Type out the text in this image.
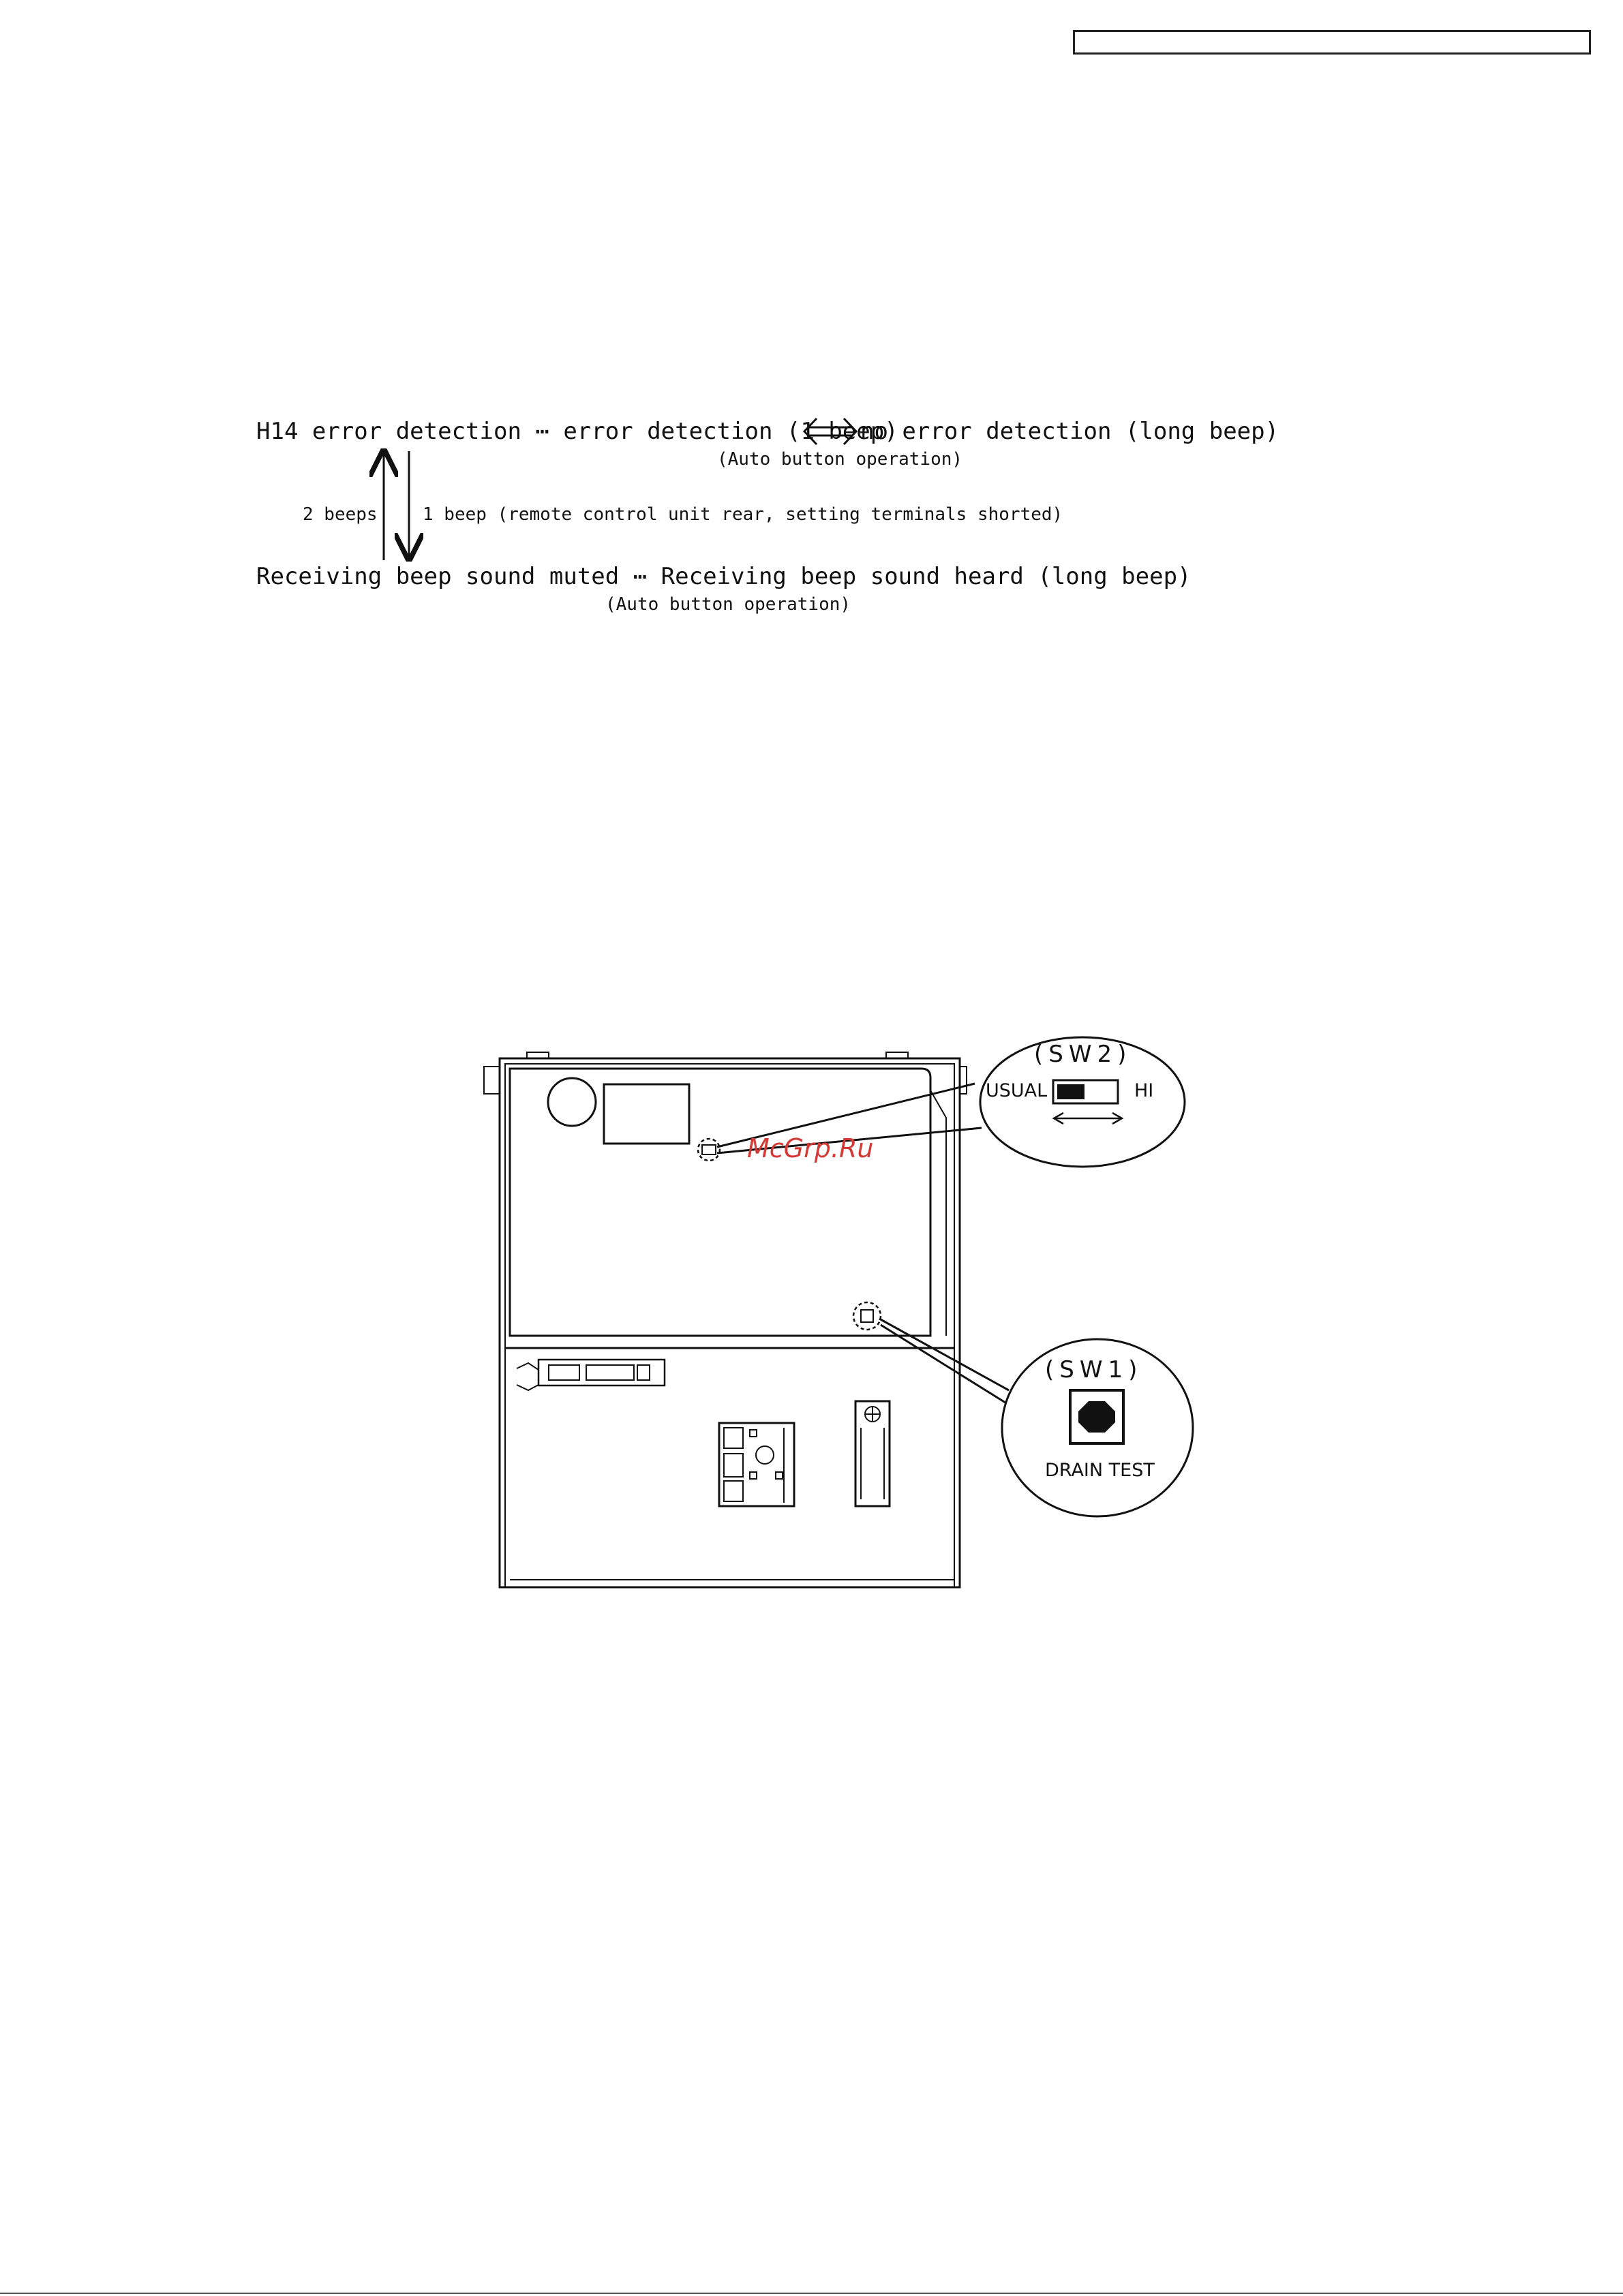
H14 error detection ⋯ error detection (1 beep)
no error detection (long beep)
(Auto button operation)
2 beeps	1 beep (remote control unit rear, setting terminals shorted)
Receiving beep sound muted ⋯ Receiving beep sound heard (long beep)
(Auto button operation)
(SW2)
USUAL	HI
(SW1)
DRAIN TEST
McGrp.Ru
